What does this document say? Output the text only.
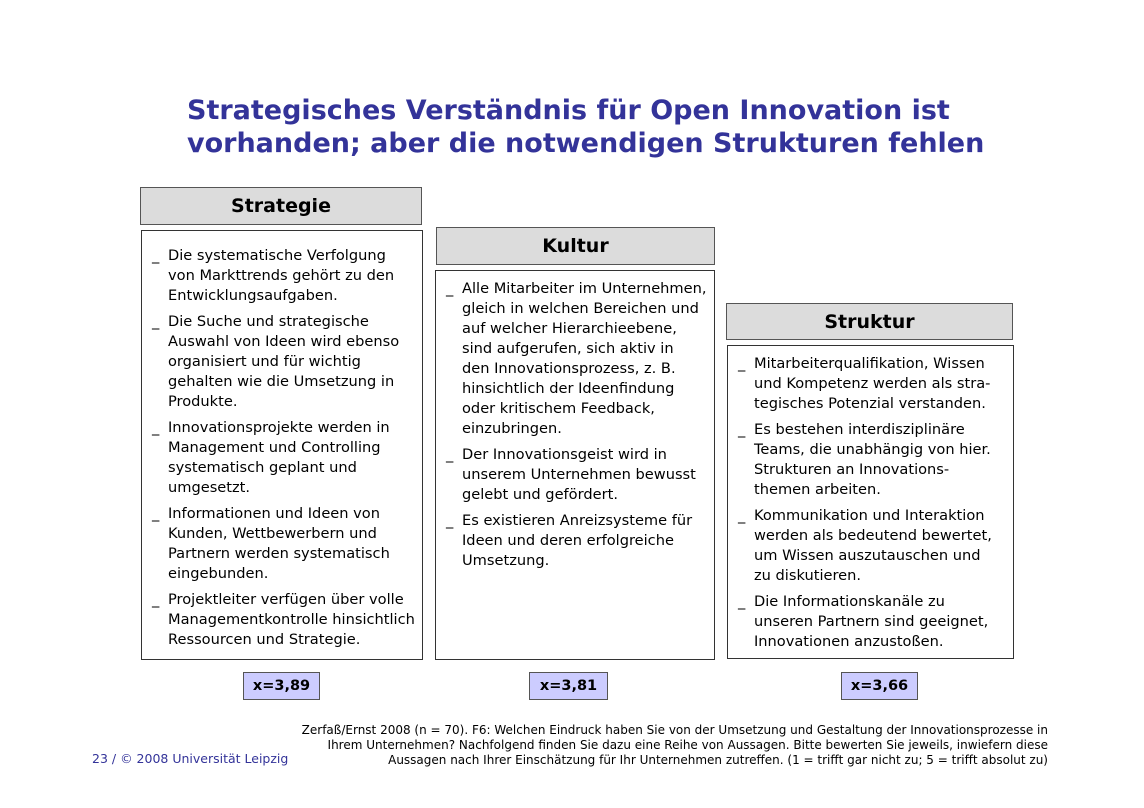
Strategisches Verständnis für Open Innovation ist
vorhanden; aber die notwendigen Strukturen fehlen
Strategie
_ Die systematische Verfolgung
von Markttrends gehört zu den
Entwicklungsaufgaben.
_ Die Suche und strategische
Auswahl von Ideen wird ebenso
organisiert und für wichtig
gehalten wie die Umsetzung in
Produkte.
_ Innovationsprojekte werden in
Management und Controlling
systematisch geplant und
umgesetzt.
_ Informationen und Ideen von
Kunden, Wettbewerbern und
Partnern werden systematisch
eingebunden.
_ Projektleiter verfügen über volle
Managementkontrolle hinsichtlich
Ressourcen und Strategie.
x=3,89
Kultur
_ Alle Mitarbeiter im Unternehmen,
gleich in welchen Bereichen und
auf welcher Hierarchieebene,
sind aufgerufen, sich aktiv in
den Innovationsprozess, z. B.
hinsichtlich der Ideenfindung
oder kritischem Feedback,
einzubringen.
_ Der Innovationsgeist wird in
unserem Unternehmen bewusst
gelebt und gefördert.
_ Es existieren Anreizsysteme für
Ideen und deren erfolgreiche
Umsetzung.
x=3,81
Struktur
_ Mitarbeiterqualifikation, Wissen
und Kompetenz werden als stra-
tegisches Potenzial verstanden.
_ Es bestehen interdisziplinäre
Teams, die unabhängig von hier.
Strukturen an Innovations-
themen arbeiten.
_ Kommunikation und Interaktion
werden als bedeutend bewertet,
um Wissen auszutauschen und
zu diskutieren.
_ Die Informationskanäle zu
unseren Partnern sind geeignet,
Innovationen anzustoßen.
x=3,66
23 / © 2008 Universität Leipzig
Zerfaß/Ernst 2008 (n = 70). F6: Welchen Eindruck haben Sie von der Umsetzung und Gestaltung der Innovationsprozesse in
Ihrem Unternehmen? Nachfolgend finden Sie dazu eine Reihe von Aussagen. Bitte bewerten Sie jeweils, inwiefern diese
Aussagen nach Ihrer Einschätzung für Ihr Unternehmen zutreffen. (1 = trifft gar nicht zu; 5 = trifft absolut zu)
